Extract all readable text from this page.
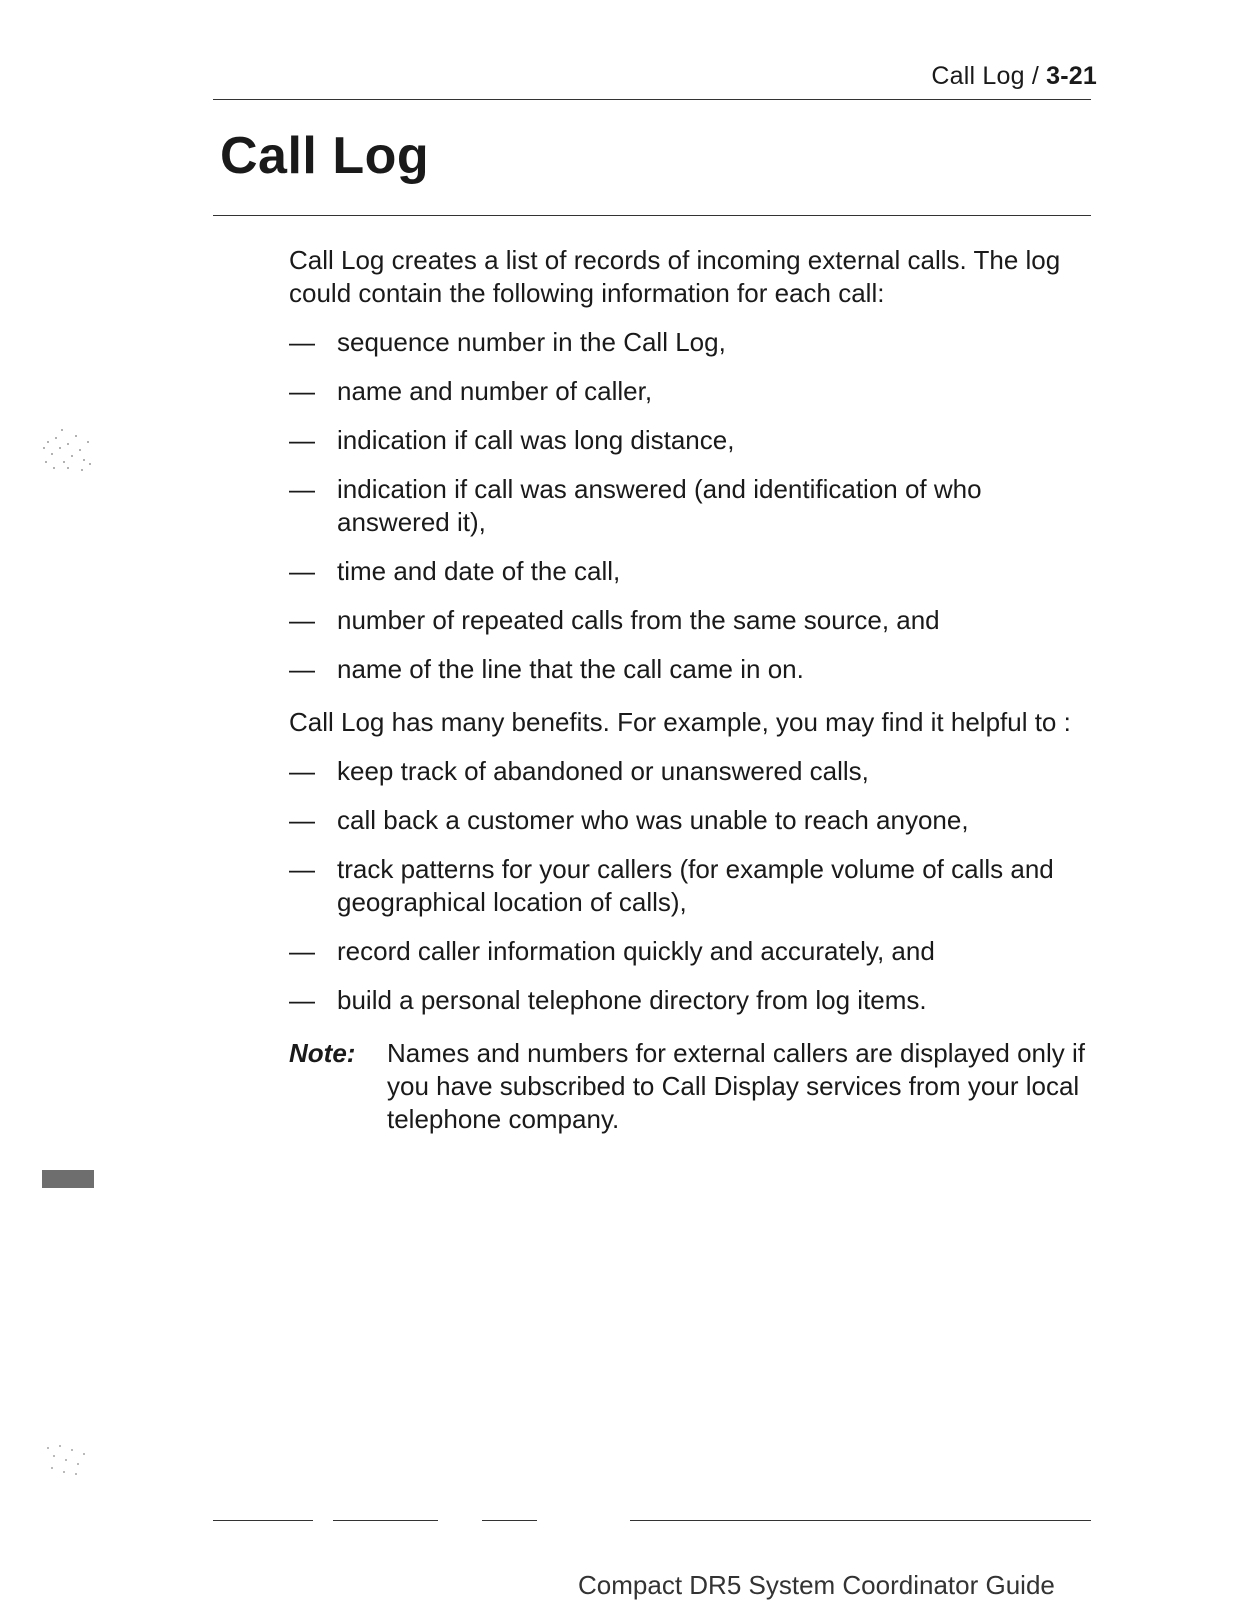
Call Log / 3-21
Call Log

Call Log creates a list of records of incoming external calls. The log could contain the following information for each call:

— sequence number in the Call Log,
— name and number of caller,
— indication if call was long distance,
— indication if call was answered (and identification of who answered it),
— time and date of the call,
— number of repeated calls from the same source, and
— name of the line that the call came in on.

Call Log has many benefits. For example, you may find it helpful to :

— keep track of abandoned or unanswered calls,
— call back a customer who was unable to reach anyone,
— track patterns for your callers (for example volume of calls and geographical location of calls),
— record caller information quickly and accurately, and
— build a personal telephone directory from log items.
Note:	Names and numbers for external callers are displayed only if you have subscribed to Call Display services from your local telephone company.
Compact DR5 System Coordinator Guide
